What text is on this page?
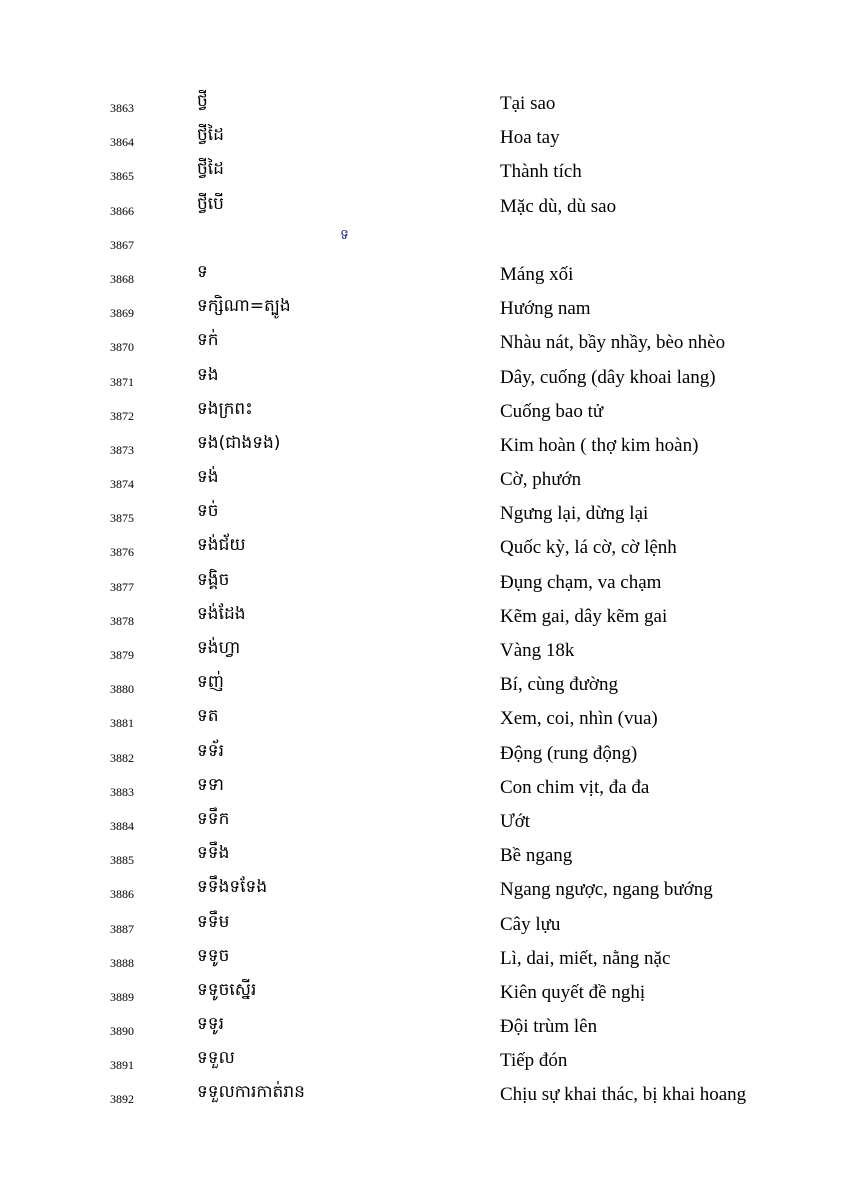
3863	ថ្វី	Tại sao
3864	ថ្វីដៃ	Hoa tay
3865	ថ្វីដៃ	Thành tích
3866	ថ្វីបើ	Mặc dù, dù sao
3867
ទ
3868	ទ	Máng xối
3869	ទក្សិណា=ត្បូង	Hướng nam
3870	ទក់	Nhàu nát, bầy nhầy, bèo nhèo
3871	ទង	Dây, cuống (dây khoai lang)
3872	ទងក្រពះ	Cuống bao tử
3873	ទង(ជាងទង)	Kim hoàn ( thợ kim hoàn)
3874	ទង់	Cờ, phướn
3875	ទច់	Ngưng lại, dừng lại
3876	ទង់ជ័យ	Quốc kỳ, lá cờ, cờ lệnh
3877	ទង្គិច	Đụng chạm, va chạm
3878	ទង់ដែង	Kẽm gai, dây kẽm gai
3879	ទង់ហ្វា	Vàng 18k
3880	ទញ់	Bí, cùng đường
3881	ទត	Xem, coi, nhìn (vua)
3882	ទទ័រ	Động (rung động)
3883	ទទា	Con chim vịt, đa đa
3884	ទទឹក	Ướt
3885	ទទឹង	Bề ngang
3886	ទទឹងទទែង	Ngang ngược, ngang bướng
3887	ទទឹម	Cây lựu
3888	ទទូច	Lì, dai, miết, nằng nặc
3889	ទទូចស្នើរ	Kiên quyết đề nghị
3890	ទទូរ	Đội trùm lên
3891	ទទួល	Tiếp đón
3892	ទទួលការកាត់រាន	Chịu sự khai thác, bị khai hoang
